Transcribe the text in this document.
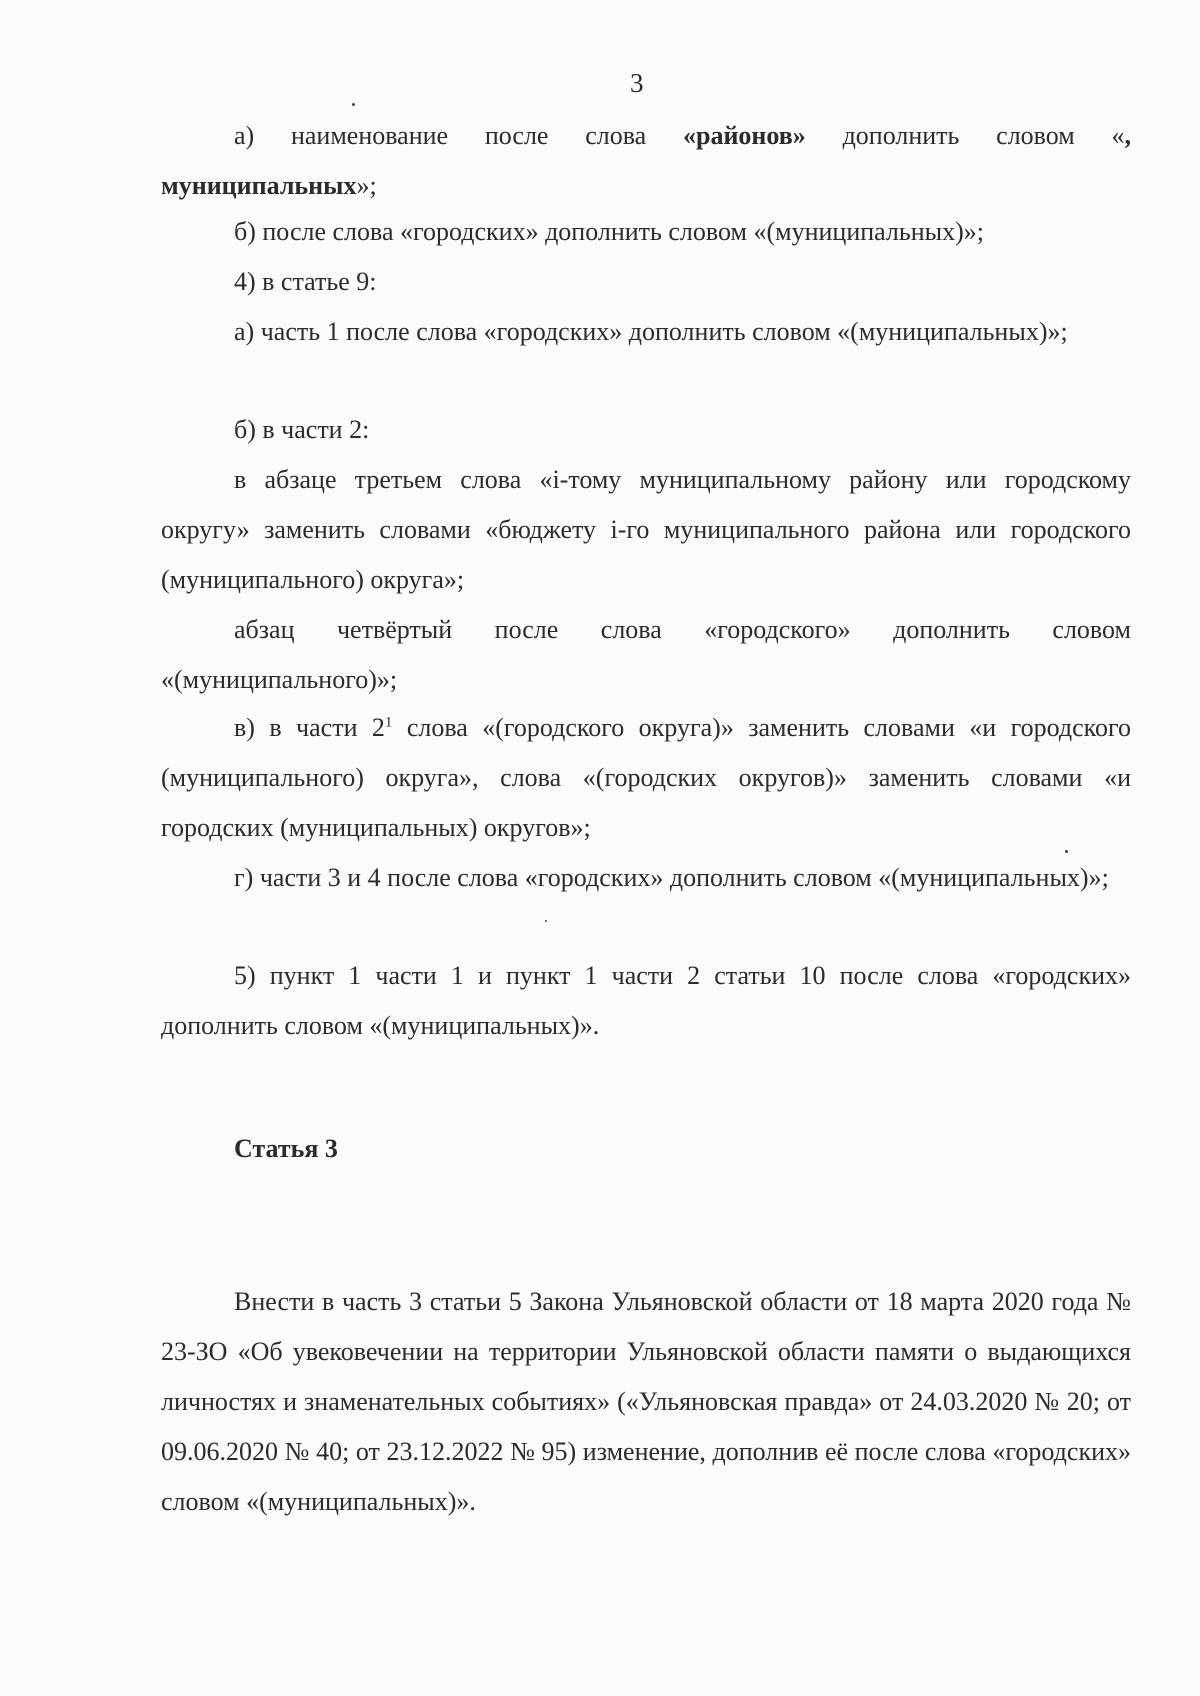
3

а) наименование после слова «районов» дополнить словом «, муниципальных»;

б) после слова «городских» дополнить словом «(муниципальных)»;

4) в статье 9:

а) часть 1 после слова «городских» дополнить словом «(муниципальных)»;

б) в части 2:

в абзаце третьем слова «i-тому муниципальному району или городскому округу» заменить словами «бюджету i-го муниципального района или городского (муниципального) округа»;

абзац четвёртый после слова «городского» дополнить словом «(муниципального)»;

в) в части $2^1$ слова «(городского округа)» заменить словами «и городского (муниципального) округа», слова «(городских округов)» заменить словами «и городских (муниципальных) округов»;

г) части 3 и 4 после слова «городских» дополнить словом «(муниципальных)»;

5) пункт 1 части 1 и пункт 1 части 2 статьи 10 после слова «городских» дополнить словом «(муниципальных)».

Статья 3

Внести в часть 3 статьи 5 Закона Ульяновской области от 18 марта 2020 года № 23-ЗО «Об увековечении на территории Ульяновской области памяти о выдающихся личностях и знаменательных событиях» («Ульяновская правда» от 24.03.2020 № 20; от 09.06.2020 № 40; от 23.12.2022 № 95) изменение, дополнив её после слова «городских» словом «(муниципальных)».
